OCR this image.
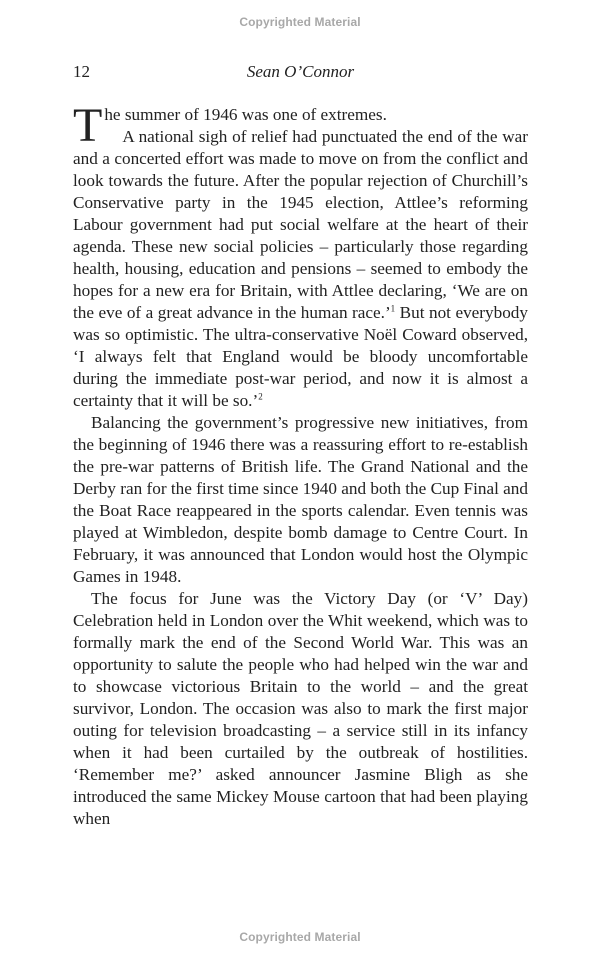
Copyrighted Material
12	Sean O’Connor

T he summer of 1946 was one of extremes.

A national sigh of relief had punctuated the end of the war and a concerted effort was made to move on from the conflict and look towards the future. After the popular rejection of Churchill’s Conservative party in the 1945 election, Attlee’s reforming Labour government had put social welfare at the heart of their agenda. These new social policies – particularly those regarding health, housing, education and pensions – seemed to embody the hopes for a new era for Britain, with Attlee declaring, ‘We are on the eve of a great advance in the human race.’$^1$ But not everybody was so optimistic. The ultra-conservative Noël Coward observed, ‘I always felt that England would be bloody uncomfortable during the immediate post-war period, and now it is almost a certainty that it will be so.’$^2$

Balancing the government’s progressive new initiatives, from the beginning of 1946 there was a reassuring effort to re-establish the pre-war patterns of British life. The Grand National and the Derby ran for the first time since 1940 and both the Cup Final and the Boat Race reappeared in the sports calendar. Even tennis was played at Wimbledon, despite bomb damage to Centre Court. In February, it was announced that London would host the Olympic Games in 1948.

The focus for June was the Victory Day (or ‘V’ Day) Celebration held in London over the Whit weekend, which was to formally mark the end of the Second World War. This was an opportunity to salute the people who had helped win the war and to showcase victorious Britain to the world – and the great survivor, London. The occasion was also to mark the first major outing for television broadcasting – a service still in its infancy when it had been curtailed by the outbreak of hostilities. ‘Remember me?’ asked announcer Jasmine Bligh as she introduced the same Mickey Mouse cartoon that had been playing when

Copyrighted Material
